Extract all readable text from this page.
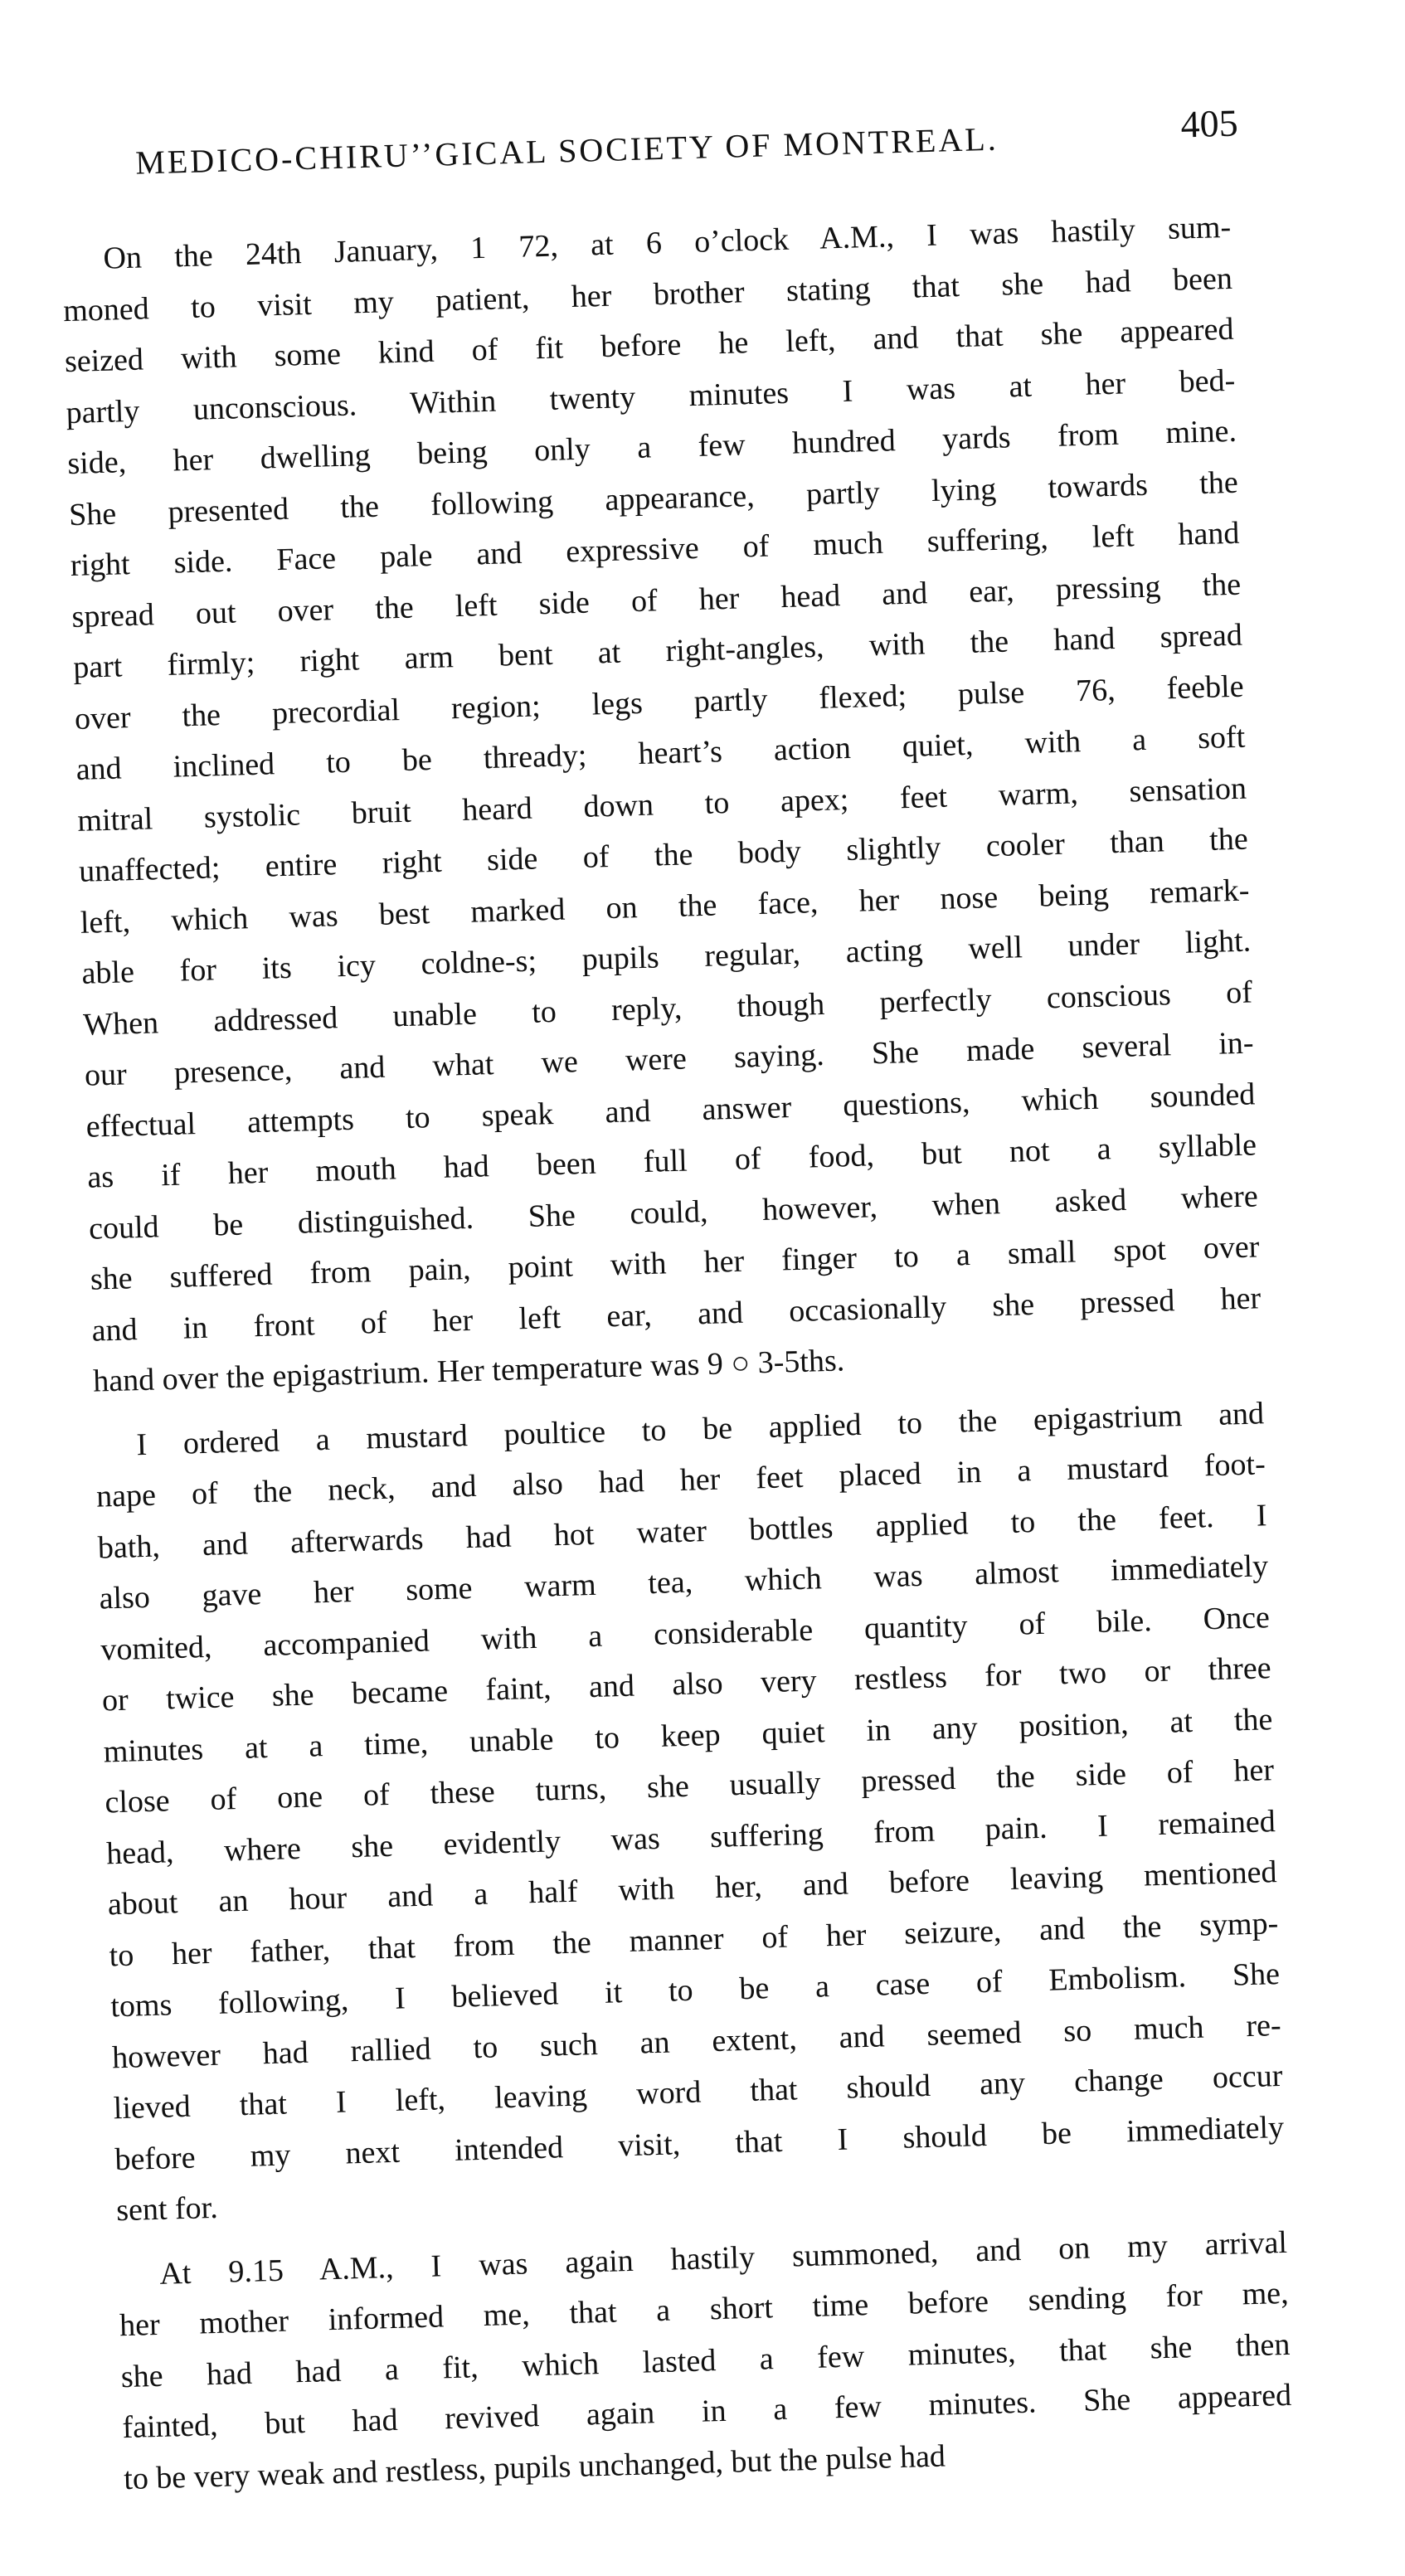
MEDICO-CHIRU’’GICAL SOCIETY OF MONTREAL.	405

On the 24th January, 1 72, at 6 o’clock A.M., I was hastily sum-
moned to visit my patient, her brother stating that she had been
seized with some kind of fit before he left, and that she appeared
partly unconscious. Within twenty minutes I was at her bed-
side, her dwelling being only a few hundred yards from mine.
She presented the following appearance, partly lying towards the
right side. Face pale and expressive of much suffering, left hand
spread out over the left side of her head and ear, pressing the
part firmly; right arm bent at right-angles, with the hand spread
over the precordial region; legs partly flexed; pulse 76, feeble
and inclined to be thready; heart’s action quiet, with a soft
mitral systolic bruit heard down to apex; feet warm, sensation
unaffected; entire right side of the body slightly cooler than the
left, which was best marked on the face, her nose being remark-
able for its icy coldne-s; pupils regular, acting well under light.
When addressed unable to reply, though perfectly conscious of
our presence, and what we were saying. She made several in-
effectual attempts to speak and answer questions, which sounded
as if her mouth had been full of food, but not a syllable
could be distinguished. She could, however, when asked where
she suffered from pain, point with her finger to a small spot over
and in front of her left ear, and occasionally she pressed her
hand over the epigastrium. Her temperature was 9 ○ 3-5ths.

I ordered a mustard poultice to be applied to the epigastrium and
nape of the neck, and also had her feet placed in a mustard foot-
bath, and afterwards had hot water bottles applied to the feet. I
also gave her some warm tea, which was almost immediately
vomited, accompanied with a considerable quantity of bile. Once
or twice she became faint, and also very restless for two or three
minutes at a time, unable to keep quiet in any position, at the
close of one of these turns, she usually pressed the side of her
head, where she evidently was suffering from pain. I remained
about an hour and a half with her, and before leaving mentioned
to her father, that from the manner of her seizure, and the symp-
toms following, I believed it to be a case of Embolism. She
however had rallied to such an extent, and seemed so much re-
lieved that I left, leaving word that should any change occur
before my next intended visit, that I should be immediately
sent for.

At 9.15 A.M., I was again hastily summoned, and on my arrival
her mother informed me, that a short time before sending for me,
she had had a fit, which lasted a few minutes, that she then
fainted, but had revived again in a few minutes. She appeared
to be very weak and restless, pupils unchanged, but the pulse had
